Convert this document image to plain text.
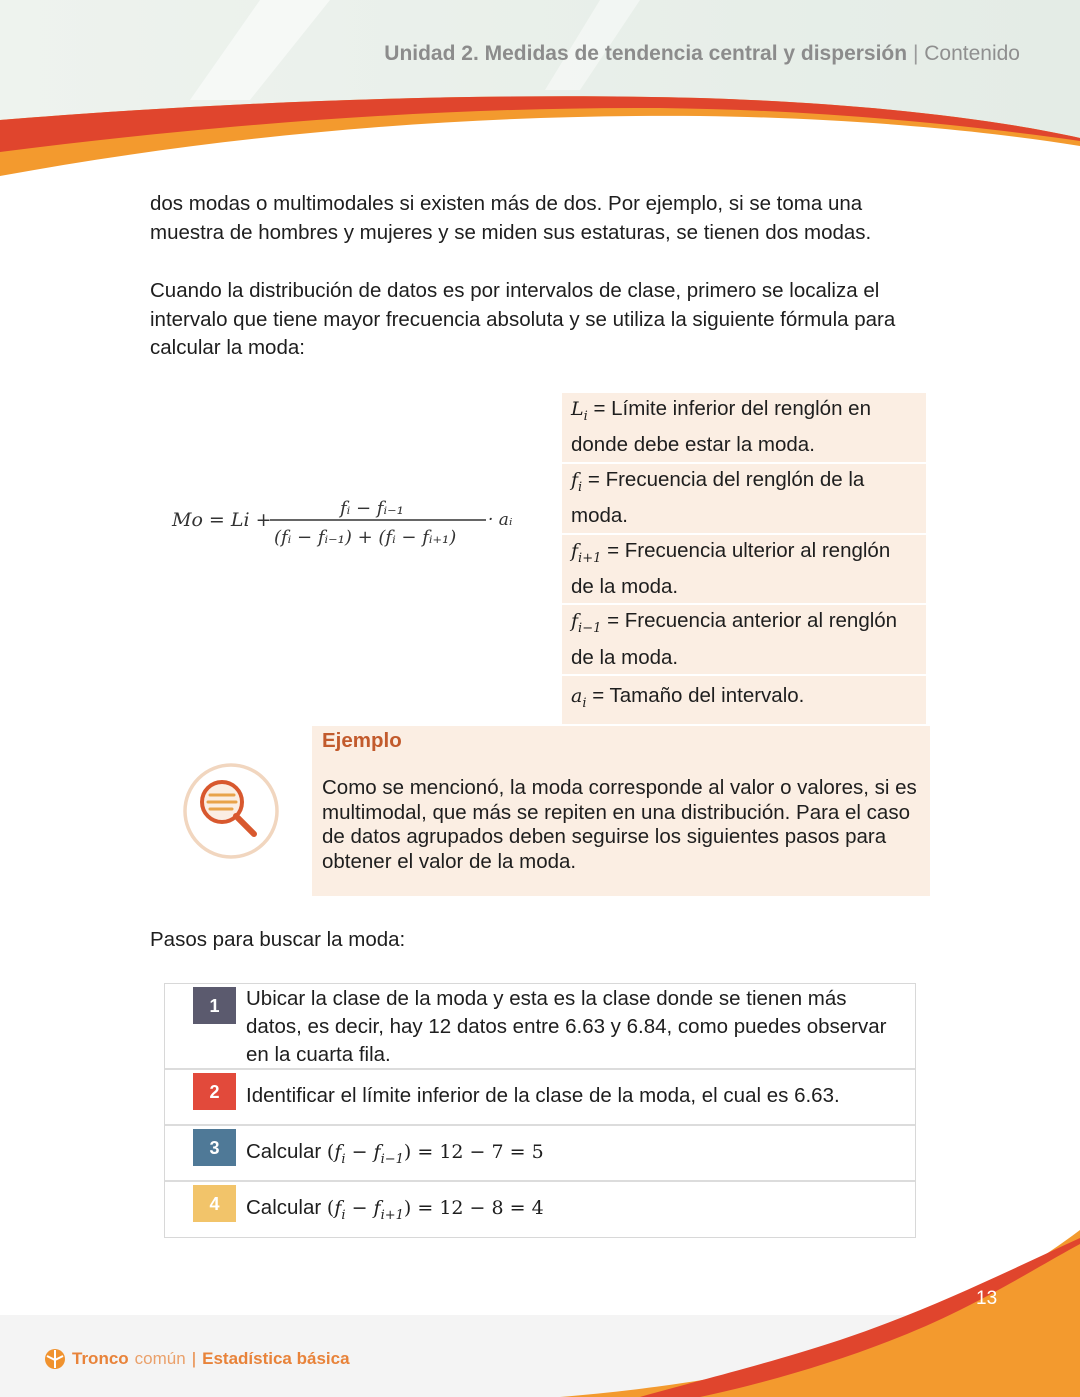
Unidad 2. Medidas de tendencia central y dispersión | Contenido

dos modas o multimodales si existen más de dos. Por ejemplo, si se toma una muestra de hombres y mujeres y se miden sus estaturas, se tienen dos modas.

Cuando la distribución de datos es por intervalos de clase, primero se localiza el intervalo que tiene mayor frecuencia absoluta y se utiliza la siguiente fórmula para calcular la moda:

Mo = Li +
fᵢ − fᵢ₋₁
(fᵢ − fᵢ₋₁) + (fᵢ − fᵢ₊₁)
· aᵢ
$L_i$ = Límite inferior del renglón en donde debe estar la moda.
$f_i$ = Frecuencia del renglón de la moda.
$f_{i+1}$ = Frecuencia ulterior al renglón de la moda.
$f_{i-1}$ = Frecuencia anterior al renglón de la moda.
$a_i$ = Tamaño del intervalo.
Ejemplo
Como se mencionó, la moda corresponde al valor o valores, si es multimodal, que más se repiten en una distribución. Para el caso de datos agrupados deben seguirse los siguientes pasos para obtener el valor de la moda.
Pasos para buscar la moda:
1	Ubicar la clase de la moda y esta es la clase donde se tienen más datos, es decir, hay 12 datos entre 6.63 y 6.84, como puedes observar en la cuarta fila.
2	Identificar el límite inferior de la clase de la moda, el cual es 6.63.
3	Calcular $(f_i - f_{i-1}) = 12 - 7 = 5$
4	Calcular $(f_i - f_{i+1}) = 12 - 8 = 4$
13
Tronco común | Estadística básica
